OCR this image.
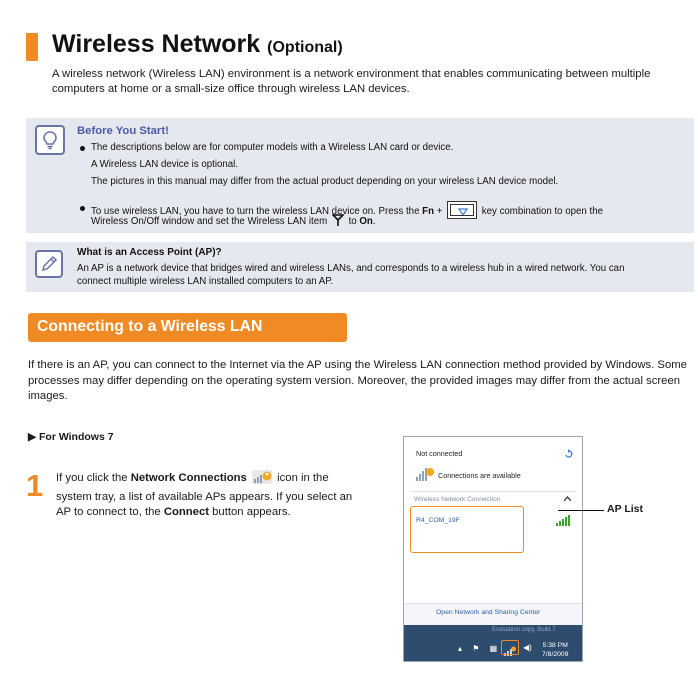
Wireless Network (Optional)
A wireless network (Wireless LAN) environment is a network environment that enables communicating between multiple computers at home or a small-size office through wireless LAN devices.
Before You Start!
The descriptions below are for computer models with a Wireless LAN card or device.
A Wireless LAN device is optional.
The pictures in this manual may differ from the actual product depending on your wireless LAN device model.
To use wireless LAN, you have to turn the wireless LAN device on. Press the Fn +	key combination to open the
Wireless On/Off window and set the Wireless LAN item to On.
What is an Access Point (AP)?
An AP is a network device that bridges wired and wireless LANs, and corresponds to a wireless hub in a wired network. You can
connect multiple wireless LAN installed computers to an AP.
Connecting to a Wireless LAN
If there is an AP, you can connect to the Internet via the AP using the Wireless LAN connection method provided by Windows. Some processes may differ depending on the operating system version. Moreover, the provided images may differ from the actual screen images.
▶ For Windows 7
1 If you click the Network Connections  icon in the system tray, a list of available APs appears. If you select an AP to connect to, the Connect button appears.
Not connected
Connections are available
Wireless Network Connection
R4_COM_19F
Open Network and Sharing Center
Evaluation copy. Build 7
▴ ⚑ ▦	◀) 5:38 PM
7/8/2009
AP List
